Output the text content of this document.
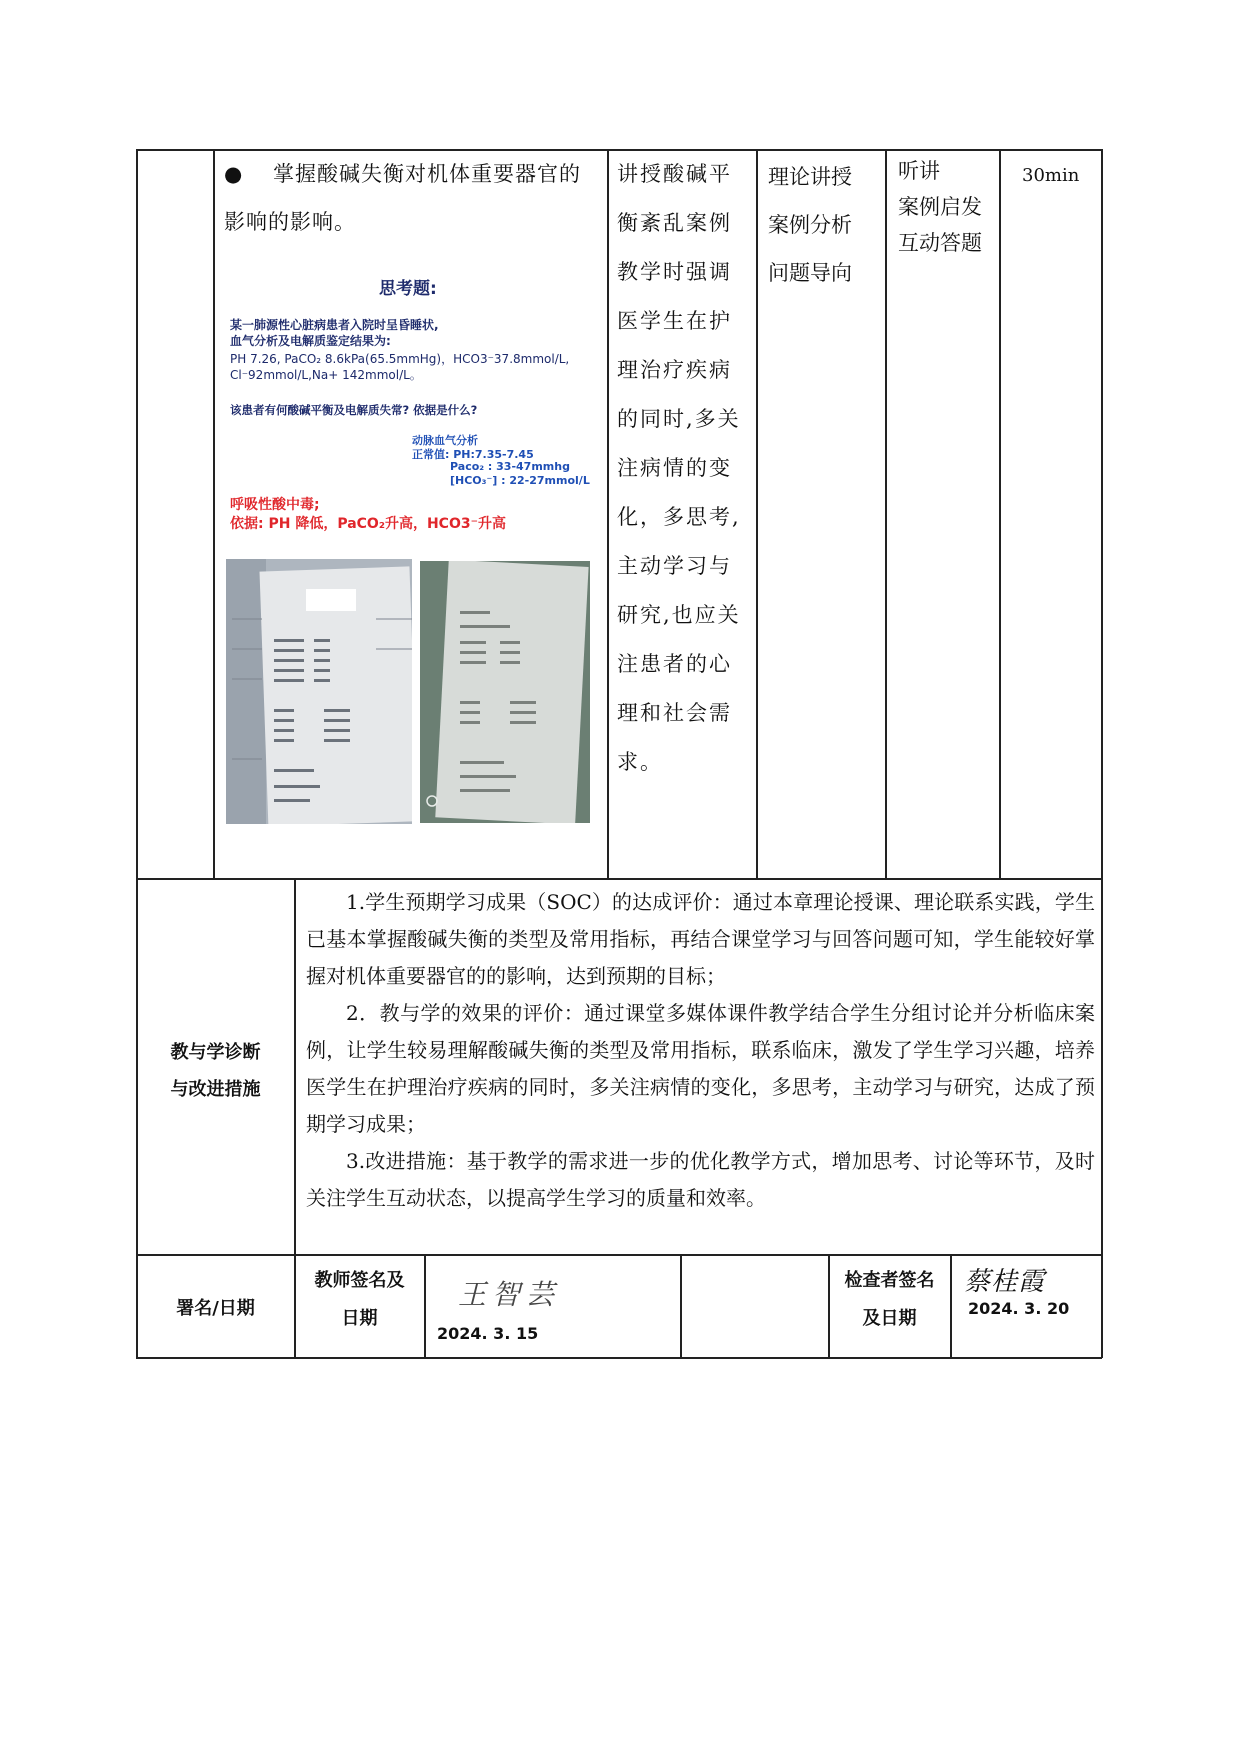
●　 掌握酸碱失衡对机体重要器官的影响的影响。
思考题:
某一肺源性心脏病患者入院时呈昏睡状,
血气分析及电解质鉴定结果为:
PH 7.26, PaCO₂ 8.6kPa(65.5mmHg)，HCO3⁻37.8mmol/L,
Cl⁻92mmol/L,Na+ 142mmol/L。
该患者有何酸碱平衡及电解质失常? 依据是什么?
动脉血气分析
正常值: PH:7.35-7.45
Paco₂ : 33-47mmhg
[HCO₃⁻] : 22-27mmol/L
呼吸性酸中毒;
依据: PH 降低，PaCO₂升高，HCO3⁻升高
讲授酸碱平
衡紊乱案例
教学时强调
医学生在护
理治疗疾病
的同时,多关
注病情的变
化，多思考,
主动学习与
研究,也应关
注患者的心
理和社会需
求。
理论讲授
案例分析
问题导向
听讲
案例启发
互动答题
30min
教与学诊断
与改进措施

1.学生预期学习成果（SOC）的达成评价：通过本章理论授课、理论联系实践，学生已基本掌握酸碱失衡的类型及常用指标，再结合课堂学习与回答问题可知，学生能较好掌握对机体重要器官的的影响，达到预期的目标；

2．教与学的效果的评价：通过课堂多媒体课件教学结合学生分组讨论并分析临床案例，让学生较易理解酸碱失衡的类型及常用指标，联系临床，激发了学生学习兴趣，培养医学生在护理治疗疾病的同时，多关注病情的变化，多思考，主动学习与研究，达成了预期学习成果；

3.改进措施：基于教学的需求进一步的优化教学方式，增加思考、讨论等环节，及时关注学生互动状态，以提高学生学习的质量和效率。

署名/日期
教师签名及
日期
王智芸
2024. 3. 15
检查者签名
及日期
蔡桂霞
2024. 3. 20
